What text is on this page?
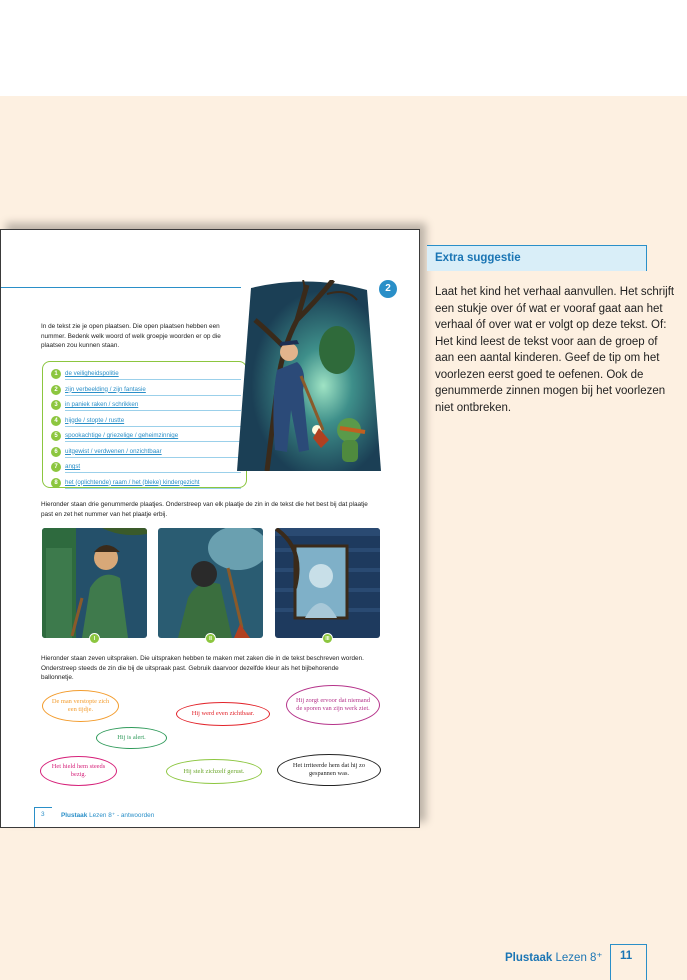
2
In de tekst zie je open plaatsen. Die open plaatsen hebben een nummer. Bedenk welk woord of welk groepje woorden er op die plaatsen zou kunnen staan.
1	de veiligheidspolitie
2	zijn verbeelding / zijn fantasie
3	in paniek raken / schrikken
4	hijgde / stopte / rustte
5	spookachtige / griezelige / geheimzinnige
6	uitgewist / verdwenen / onzichtbaar
7	angst
8	het (oplichtende) raam / het (bleke) kindergezicht
Hieronder staan drie genummerde plaatjes. Onderstreep van elk plaatje de zin in de tekst die het best bij dat plaatje past en zet het nummer van het plaatje erbij.
I	II	III
Hieronder staan zeven uitspraken. Die uitspraken hebben te maken met zaken die in de tekst beschreven worden. Onderstreep steeds de zin die bij de uitspraak past. Gebruik daarvoor dezelfde kleur als het bijbehorende ballonnetje.
De man verstopte zich een tijdje.
Hij werd even zichtbaar.
Hij zorgt ervoor dat niemand de sporen van zijn werk ziet.
Hij is alert.
Het hield hem steeds bezig.	Hij stelt zichzelf gerust.
Het irriteerde hem dat hij zo gespannen was.
3	Plustaak Lezen 8⁺ - antwoorden
Extra suggestie
Laat het kind het verhaal aanvullen. Het schrijft een stukje over óf wat er vooraf gaat aan het verhaal óf over wat er volgt op deze tekst. Of: Het kind leest de tekst voor aan de groep of aan een aantal kinderen. Geef de tip om het voorlezen eerst goed te oefenen. Ook de genummerde zinnen mogen bij het voorlezen niet ontbreken.
Plustaak Lezen 8⁺ 11
